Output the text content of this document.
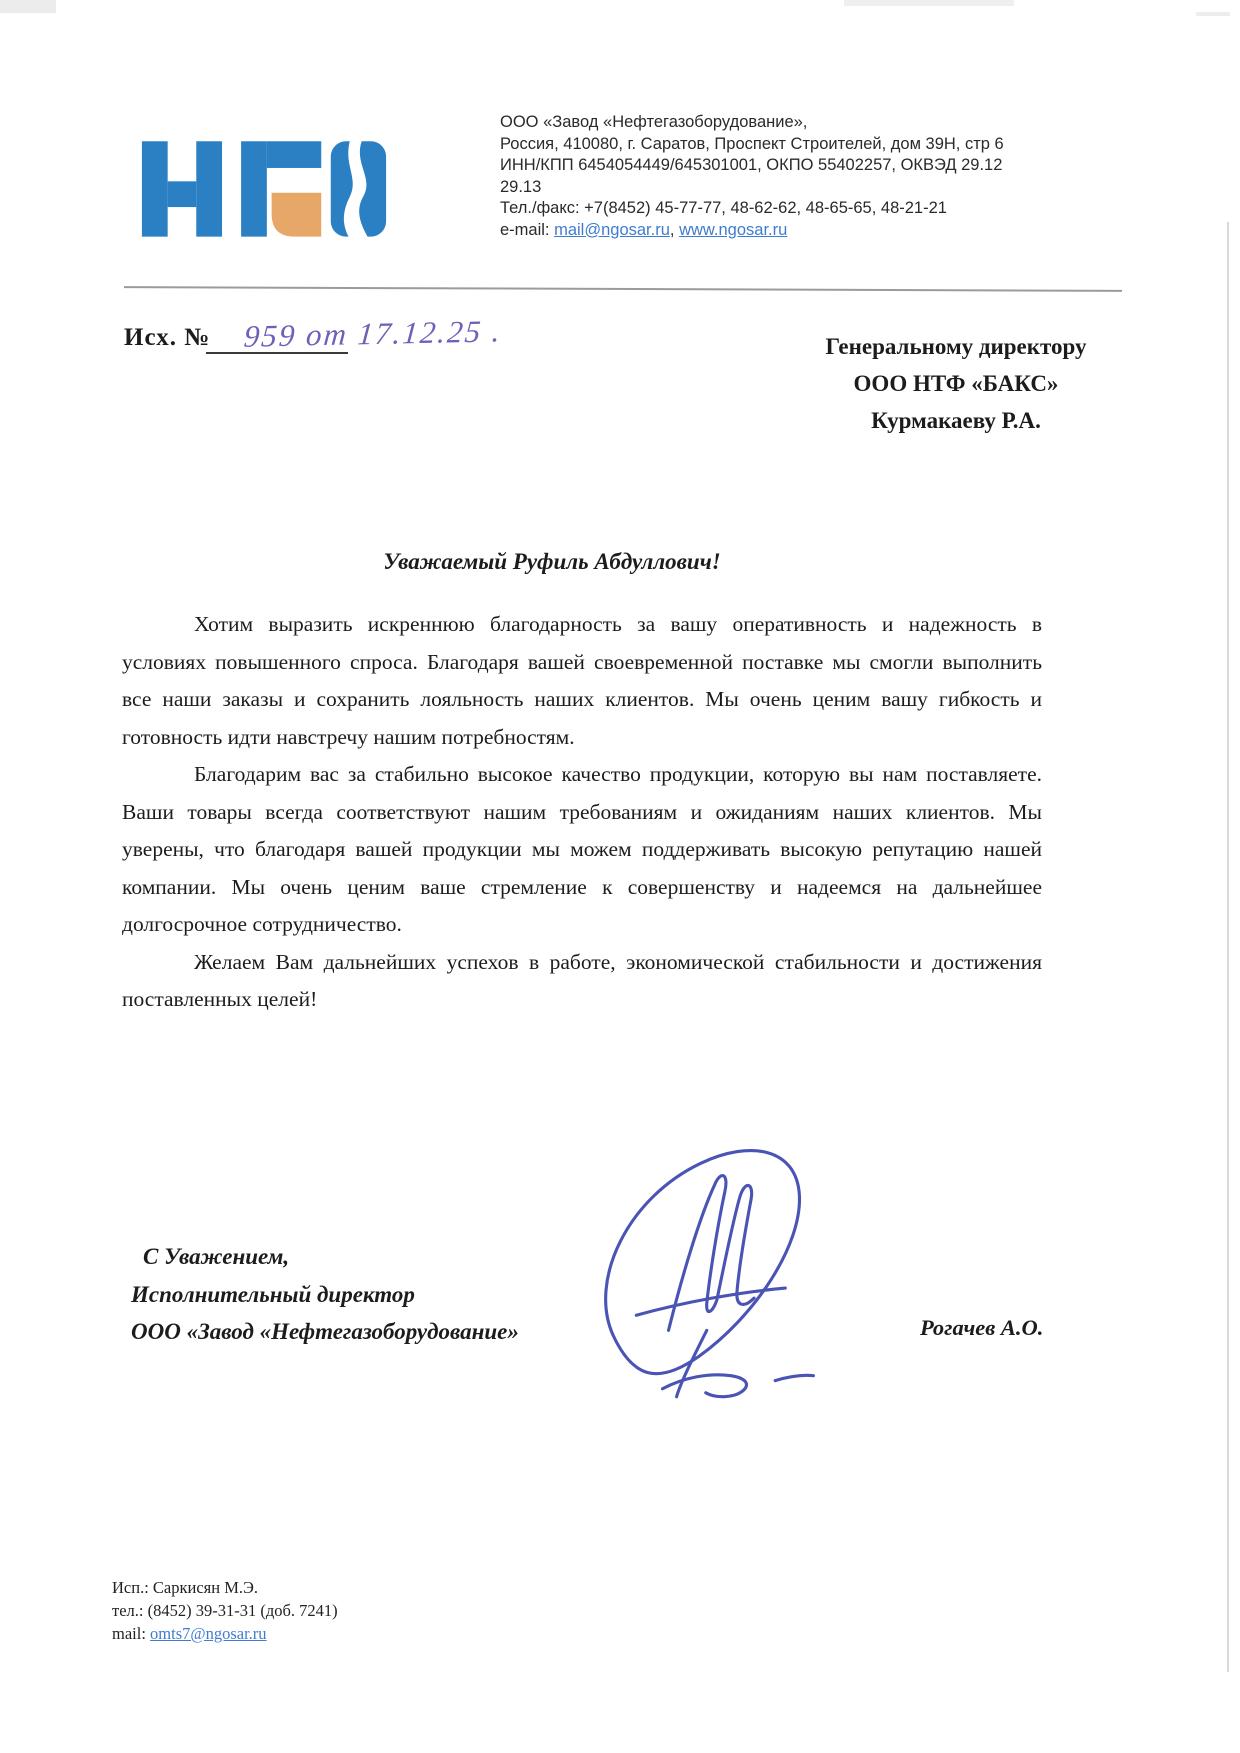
ООО «Завод «Нефтегазоборудование»,
Россия, 410080, г. Саратов, Проспект Строителей, дом 39Н, стр 6
ИНН/КПП 6454054449/645301001, ОКПО 55402257, ОКВЭД 29.12
29.13
Тел./факс: +7(8452) 45-77-77, 48-62-62, 48-65-65, 48-21-21
e-mail: mail@ngosar.ru, www.ngosar.ru
Исх. № 959 от 17.12.25 .	Генеральному директору
ООО НТФ «БАКС»
Курмакаеву Р.А.
Уважаемый Руфиль Абдуллович!

Хотим выразить искреннюю благодарность за вашу оперативность и надежность в условиях повышенного спроса. Благодаря вашей своевременной поставке мы смогли выполнить все наши заказы и сохранить лояльность наших клиентов. Мы очень ценим вашу гибкость и готовность идти навстречу нашим потребностям.

Благодарим вас за стабильно высокое качество продукции, которую вы нам поставляете. Ваши товары всегда соответствуют нашим требованиям и ожиданиям наших клиентов. Мы уверены, что благодаря вашей продукции мы можем поддерживать высокую репутацию нашей компании. Мы очень ценим ваше стремление к совершенству и надеемся на дальнейшее долгосрочное сотрудничество.

Желаем Вам дальнейших успехов в работе, экономической стабильности и достижения поставленных целей!

С Уважением,
Исполнительный директор
ООО «Завод «Нефтегазоборудование»	Рогачев А.О.
Исп.: Саркисян М.Э.
тел.: (8452) 39-31-31 (доб. 7241)
mail: omts7@ngosar.ru
